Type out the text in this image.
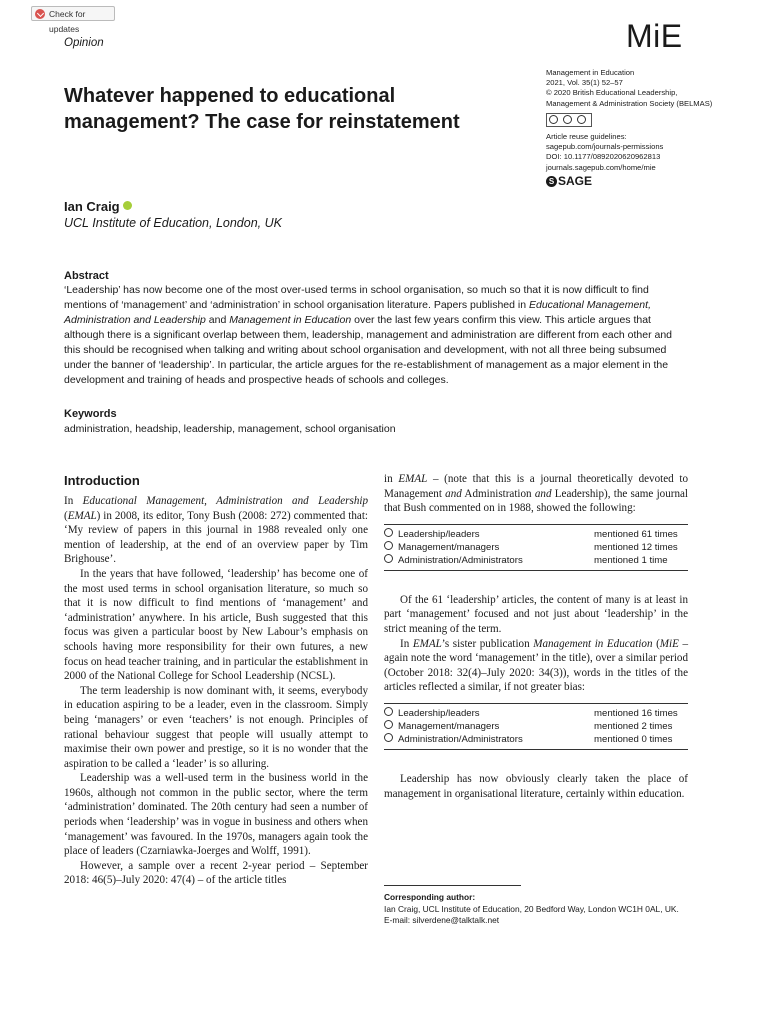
Check for updates
Opinion	MiE
Whatever happened to educational management? The case for reinstatement

Management in Education

2021, Vol. 35(1) 52–57

© 2020 British Educational Leadership, Management & Administration Society (BELMAS)

Article reuse guidelines:

sagepub.com/journals-permissions

DOI: 10.1177/0892020620962813

journals.sagepub.com/home/mie

S SAGE
Ian Craig
UCL Institute of Education, London, UK
Abstract

‘Leadership’ has now become one of the most over-used terms in school organisation, so much so that it is now difficult to find mentions of ‘management’ and ‘administration’ in school organisation literature. Papers published in Educational Management, Administration and Leadership and Management in Education over the last few years confirm this view. This article argues that although there is a significant overlap between them, leadership, management and administration are different from each other and this should be recognised when talking and writing about school organisation and development, with not all three being subsumed under the banner of ‘leadership’. In particular, the article argues for the re-establishment of management as a major element in the development and training of heads and prospective heads of schools and colleges.

Keywords
administration, headship, leadership, management, school organisation
Introduction

In Educational Management, Administration and Leadership (EMAL) in 2008, its editor, Tony Bush (2008: 272) commented that: ‘My review of papers in this journal in 1988 revealed only one mention of leadership, at the end of an overview paper by Tim Brighouse’.

In the years that have followed, ‘leadership’ has become one of the most used terms in school organisation literature, so much so that it is now difficult to find mentions of ‘management’ and ‘administration’ anywhere. In his article, Bush suggested that this focus was given a particular boost by New Labour’s emphasis on schools having more responsibility for their own futures, a new focus on head teacher training, and in particular the establishment in 2000 of the National College for School Leadership (NCSL).

The term leadership is now dominant with, it seems, everybody in education aspiring to be a leader, even in the classroom. Simply being ‘managers’ or even ‘teachers’ is not enough. Principles of rational behaviour suggest that people will usually attempt to maximise their own power and prestige, so it is no wonder that the aspiration to be called a ‘leader’ is so alluring.

Leadership was a well-used term in the business world in the 1960s, although not common in the public sector, where the term ‘administration’ dominated. The 20th century had seen a number of periods when ‘leadership’ was in vogue in business and others when ‘management’ was favoured. In the 1970s, managers again took the place of leaders (Czarniawka-Joerges and Wolff, 1991).

However, a sample over a recent 2-year period – September 2018: 46(5)–July 2020: 47(4) – of the article titles

in EMAL – (note that this is a journal theoretically devoted to Management and Administration and Leadership), the same journal that Bush commented on in 1988, showed the following:

Leadership/leaders	mentioned 61 times
Management/managers	mentioned 12 times
Administration/Administrators	mentioned 1 time

Of the 61 ‘leadership’ articles, the content of many is at least in part ‘management’ focused and not just about ‘leadership’ in the strict meaning of the term.

In EMAL’s sister publication Management in Education (MiE – again note the word ‘management’ in the title), over a similar period (October 2018: 32(4)–July 2020: 34(3)), words in the titles of the articles reflected a similar, if not greater bias:

Leadership/leaders	mentioned 16 times
Management/managers	mentioned 2 times
Administration/Administrators	mentioned 0 times

Leadership has now obviously clearly taken the place of management in organisational literature, certainly within education.

Corresponding author:
Ian Craig, UCL Institute of Education, 20 Bedford Way, London WC1H 0AL, UK.
E-mail: silverdene@talktalk.net
